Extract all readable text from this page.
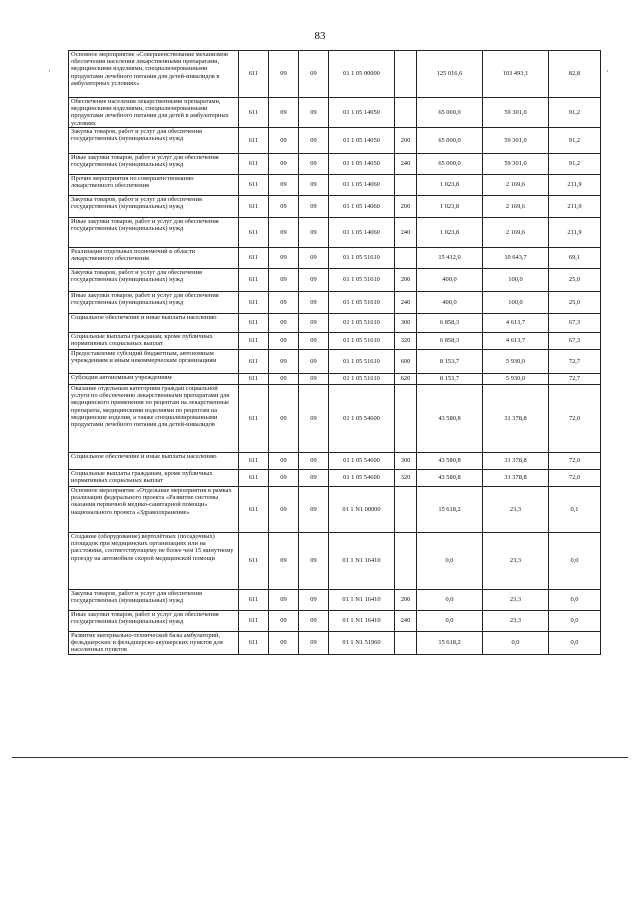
83
·	·
Основное мероприятие «Совершенствование механизмов обеспечения населения лекарственными препаратами, медицинскими изделиями, специализированными продуктами лечебного питания для детей-инвалидов в амбулаторных условиях»	611	09	09	01 1 05 00000		125 016,6	103 493,1	82,8
Обеспечение населения лекарственными препаратами, медицинскими изделиями, специализированными продуктами лечебного питания для детей в амбулаторных условиях	611	09	09	01 1 05 14050		65 000,0	59 301,0	91,2
Закупка товаров, работ и услуг для обеспечения государственных (муниципальных) нужд	611	09	09	01 1 05 14050	200	65 000,0	59 301,0	91,2
Иные закупки товаров, работ и услуг для обеспечения государственных (муниципальных) нужд	611	09	09	01 1 05 14050	240	65 000,0	59 301,0	91,2
Прочие мероприятия по совершенствованию лекарственного обеспечения	611	09	09	01 1 05 14060		1 023,8	2 169,6	211,9
Закупка товаров, работ и услуг для обеспечения государственных (муниципальных) нужд	611	09	09	01 1 05 14060	200	1 023,8	2 169,6	211,9
Иные закупки товаров, работ и услуг для обеспечения государственных (муниципальных) нужд	611	09	09	01 1 05 14060	240	1 023,8	2 169,6	211,9
Реализация отдельных полномочий в области лекарственного обеспечения	611	09	09	01 1 05 51610		15 412,0	10 643,7	69,1
Закупка товаров, работ и услуг для обеспечения государственных (муниципальных) нужд	611	09	09	01 1 05 51610	200	400,0	100,0	25,0
Иные закупки товаров, работ и услуг для обеспечения государственных (муниципальных) нужд	611	09	09	01 1 05 51610	240	400,0	100,0	25,0
Социальное обеспечение и иные выплаты населению	611	09	09	01 1 05 51610	300	6 858,3	4 613,7	67,3
Социальные выплаты гражданам, кроме публичных нормативных социальных выплат	611	09	09	01 1 05 51610	320	6 858,3	4 613,7	67,3
Предоставление субсидий бюджетным, автономным учреждениям и иным некоммерческим организациям	611	09	09	01 1 05 51610	600	8 153,7	5 930,0	72,7
Субсидии автономным учреждениям	611	09	09	01 1 05 51610	620	8 153,7	5 930,0	72,7
Оказание отдельным категориям граждан социальной услуги по обеспечению лекарственными препаратами для медицинского применения по рецептам на лекарственные препараты, медицинскими изделиями по рецептам на медицинские изделия, а также специализированными продуктами лечебного питания для детей-инвалидов	611	09	09	01 1 05 54600		43 580,8	31 378,8	72,0
Социальное обеспечение и иные выплаты населению	611	09	09	01 1 05 54600	300	43 580,8	31 378,8	72,0
Социальные выплаты гражданам, кроме публичных нормативных социальных выплат	611	09	09	01 1 05 54600	320	43 580,8	31 378,8	72,0
Основное мероприятие «Отдельные мероприятия в рамках реализации федерального проекта «Развитие системы оказания первичной медико-санитарной помощи» национального проекта «Здравоохранение»	611	09	09	01 1 N1 00000		15 618,2	23,3	0,1
Создание (оборудование) вертолётных (посадочных) площадок при медицинских организациях или на расстоянии, соответствующему не более чем 15 минутному проезду на автомобиле скорой медицинской помощи	611	09	09	01 1 N1 16410		0,0	23,3	0,0
Закупка товаров, работ и услуг для обеспечения государственных (муниципальных) нужд	611	09	09	01 1 N1 16410	200	0,0	23,3	0,0
Иные закупки товаров, работ и услуг для обеспечения государственных (муниципальных) нужд	611	09	09	01 1 N1 16410	240	0,0	23,3	0,0
Развитие материально-технической базы амбулаторий, фельдшерских и фельдшерско-акушерских пунктов для населенных пунктов	611	09	09	01 1 N1 51960		15 618,2	0,0	0,0
